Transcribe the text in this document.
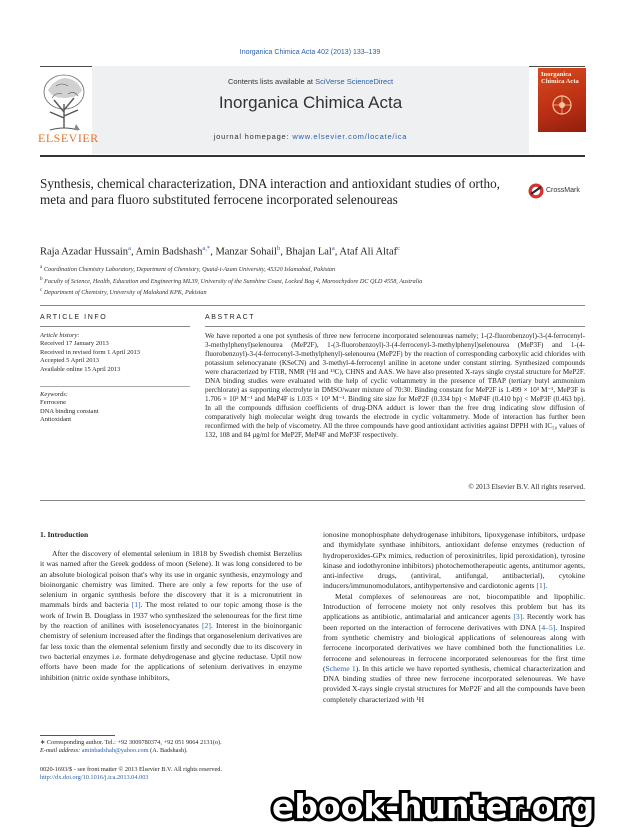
Inorganica Chimica Acta 402 (2013) 133–139
ELSEVIER
Contents lists available at SciVerse ScienceDirect
Inorganica Chimica Acta
journal homepage: www.elsevier.com/locate/ica
Inorganica Chimica Acta
Synthesis, chemical characterization, DNA interaction and antioxidant studies of ortho, meta and para fluoro substituted ferrocene incorporated selenoureas
CrossMark
Raja Azadar Hussain$^a$, Amin Badshash$^{a,*}$, Manzar Sohail$^b$, Bhajan Lal$^a$, Ataf Ali Altaf$^c$
$^a$ Coordination Chemistry Laboratory, Department of Chemistry, Quaid-i-Azam University, 45320 Islamabad, Pakistan
$^b$ Faculty of Science, Health, Education and Engineering ML39, University of the Sunshine Coast, Locked Bag 4, Maroochydore DC QLD 4558, Australia
$^c$ Department of Chemistry, University of Malakand KPK, Pakistan
ARTICLE INFO	ABSTRACT
Article history:
Received 17 January 2013
Received in revised form 1 April 2013
Accepted 5 April 2013
Available online 15 April 2013
Keywords:
Ferrocene
DNA binding constant
Antioxidant

We have reported a one pot synthesis of three new ferrocene incorporated selenoureas namely; 1-(2-fluorobenzoyl)-3-(4-ferrocenyl-3-methylphenyl)selenourea (MeP2F), 1-(3-fluorobenzoyl)-3-(4-ferrocenyl-3-methylphenyl)selenourea (MeP3F) and 1-(4-fluorobenzoyl)-3-(4-ferrocenyl-3-methylphenyl)-selenourea (MeP2F) by the reaction of corresponding carboxylic acid chlorides with potassium selenocyanate (KSeCN) and 3-methyl-4-ferrocenyl aniline in acetone under constant stirring. Synthesized compounds were characterized by FTIR, NMR (¹H and ¹³C), CHNS and AAS. We have also presented X-rays single crystal structure for MeP2F. DNA binding studies were evaluated with the help of cyclic voltammetry in the presence of TBAP (tertiary butyl ammonium perchlorate) as supporting electrolyte in DMSO/water mixture of 70:30. Binding constant for MeP2F is 1.499 × 10³ M⁻¹, MeP3F is 1.706 × 10³ M⁻¹ and MeP4F is 1.035 × 10³ M⁻¹. Binding site size for MeP2F (0.334 bp) < MeP4F (0.410 bp) < MeP3F (0.463 bp). In all the compounds diffusion coefficients of drug-DNA adduct is lower than the free drug indicating slow diffusion of comparatively high molecular weight drug towards the electrode in cyclic voltammetry. Mode of interaction has further been reconfirmed with the help of viscometry. All the three compounds have good antioxidant activities against DPPH with IC₅₀ values of 132, 108 and 84 μg/ml for MeP2F, MeP4F and MeP3F respectively.

© 2013 Elsevier B.V. All rights reserved.
1. Introduction

After the discovery of elemental selenium in 1818 by Swedish chemist Berzelius it was named after the Greek goddess of moon (Selene). It was long considered to be an absolute biological poison that's why its use in organic synthesis, enzymology and bioinorganic chemistry was limited. There are only a few reports for the use of selenium in organic synthesis before the discovery that it is a micronutrient in mammals birds and bacteria [1]. The most related to our topic among those is the work of Irwin B. Douglass in 1937 who synthesized the selenoureas for the first time by the reaction of anilines with isoselenocyanates [2]. Interest in the bioinorganic chemistry of selenium increased after the findings that organoselenium derivatives are far less toxic than the elemental selenium firstly and secondly due to its discovery in two bacterial enzymes i.e. formate dehydrogenase and glycine reductase. Uptil now efforts have been made for the applications of selenium derivatives in enzyme inhibition (nitric oxide synthase inhibitors,

ionosine monophosphate dehydrogenase inhibitors, lipoxygenase inhibitors, urdpase and thymidylate synthase inhibitors, antioxidant defense enzymes (reduction of hydroperoxides-GPx mimics, reduction of peroxinitriles, lipid peroxidation), tyrosine kinase and iodothyronine inhibitors) photochemotherapeutic agents, antitumor agents, anti-infective drugs, (antiviral, antifungal, antibacterial), cytokine inducers/immunomodulators, antihypertensive and cardiotonic agents [1].

Metal complexes of selenoureas are not, biocompatible and lipophilic. Introduction of ferrocene moiety not only resolves this problem but has its applications as antibiotic, antimalarial and anticancer agents [3]. Recently work has been reported on the interaction of ferrocene derivatives with DNA [4–5]. Inspired from synthetic chemistry and biological applications of selenoureas along with ferrocene incorporated derivatives we have combined both the functionalities i.e. ferrocene and selenoureas in ferrocene incorporated selenoureas for the first time (Scheme 1). In this article we have reported synthesis, chemical characterization and DNA binding studies of three new ferrocene incorporated selenoureas. We have provided X-rays single crystal structures for MeP2F and all the compounds have been completely characterized with ¹H

∗ Corresponding author. Tel.: +92 3009780374, +92 051 9064 2131(o).
E-mail address: aminbadshah@yahoo.com (A. Badshash).
0020-1693/$ - see front matter © 2013 Elsevier B.V. All rights reserved.
http://dx.doi.org/10.1016/j.ica.2013.04.003
ebook-hunter.org
